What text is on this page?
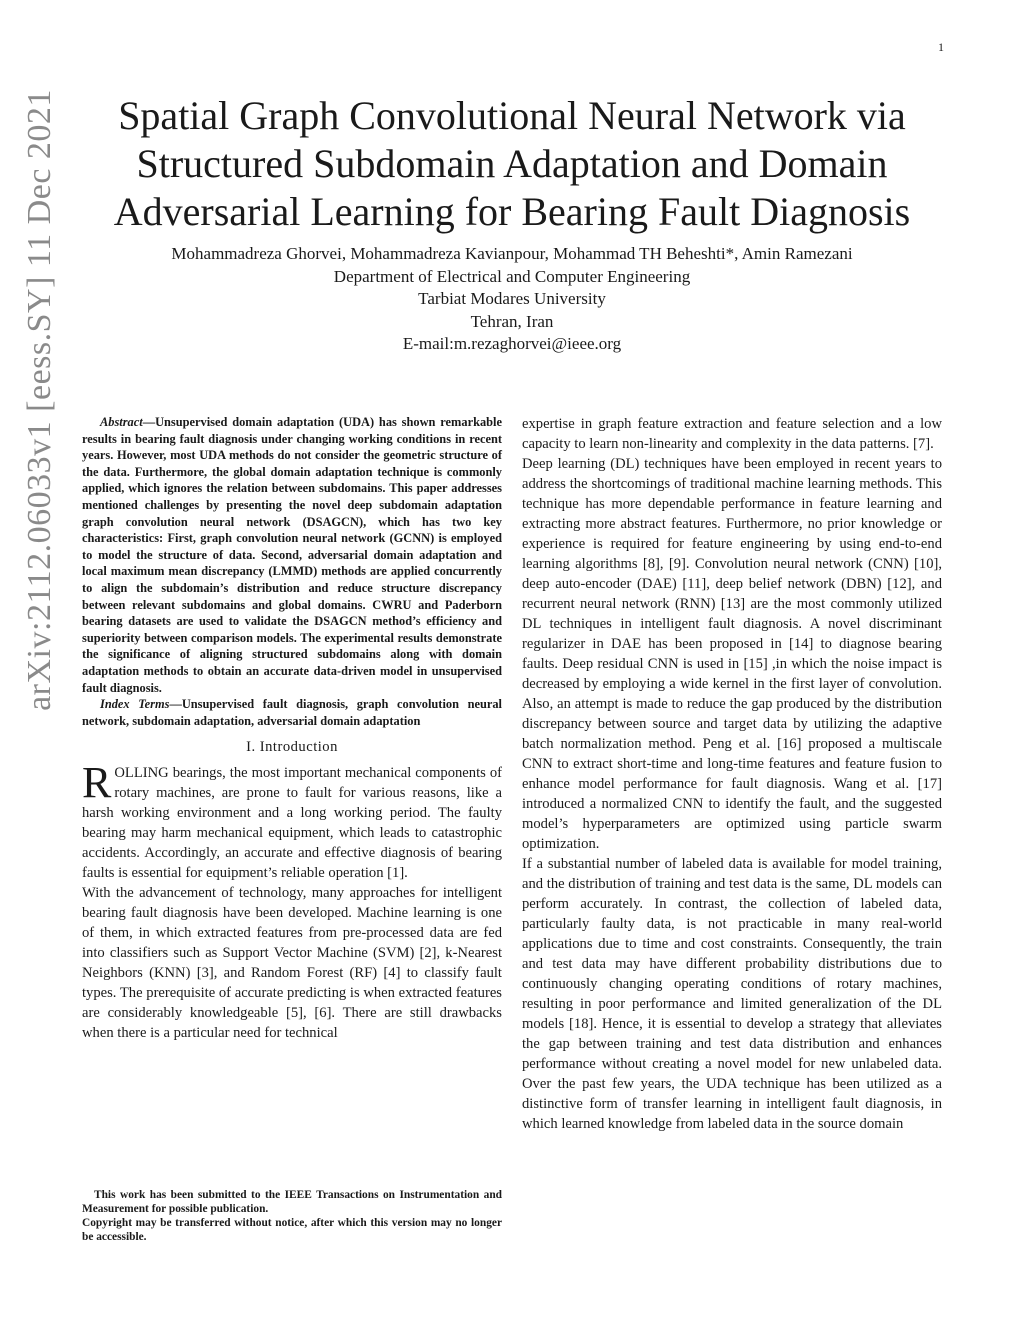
1
arXiv:2112.06033v1 [eess.SY] 11 Dec 2021	Spatial Graph Convolutional Neural Network via
Structured Subdomain Adaptation and Domain
Adversarial Learning for Bearing Fault Diagnosis
Mohammadreza Ghorvei, Mohammadreza Kavianpour, Mohammad TH Beheshti*, Amin Ramezani
Department of Electrical and Computer Engineering
Tarbiat Modares University
Tehran, Iran
E-mail:m.rezaghorvei@ieee.org

Abstract—Unsupervised domain adaptation (UDA) has shown remarkable results in bearing fault diagnosis under changing working conditions in recent years. However, most UDA methods do not consider the geometric structure of the data. Furthermore, the global domain adaptation technique is commonly applied, which ignores the relation between subdomains. This paper addresses mentioned challenges by presenting the novel deep subdomain adaptation graph convolution neural network (DSAGCN), which has two key characteristics: First, graph convolution neural network (GCNN) is employed to model the structure of data. Second, adversarial domain adaptation and local maximum mean discrepancy (LMMD) methods are applied concurrently to align the subdomain’s distribution and reduce structure discrepancy between relevant subdomains and global domains. CWRU and Paderborn bearing datasets are used to validate the DSAGCN method’s efficiency and superiority between comparison models. The experimental results demonstrate the significance of aligning structured subdomains along with domain adaptation methods to obtain an accurate data-driven model in unsupervised fault diagnosis.

Index Terms—Unsupervised fault diagnosis, graph convolution neural network, subdomain adaptation, adversarial domain adaptation

I. Introduction

ROLLING bearings, the most important mechanical components of rotary machines, are prone to fault for various reasons, like a harsh working environment and a long working period. The faulty bearing may harm mechanical equipment, which leads to catastrophic accidents. Accordingly, an accurate and effective diagnosis of bearing faults is essential for equipment’s reliable operation [1].

With the advancement of technology, many approaches for intelligent bearing fault diagnosis have been developed. Machine learning is one of them, in which extracted features from pre-processed data are fed into classifiers such as Support Vector Machine (SVM) [2], k-Nearest Neighbors (KNN) [3], and Random Forest (RF) [4] to classify fault types. The prerequisite of accurate predicting is when extracted features are considerably knowledgeable [5], [6]. There are still drawbacks when there is a particular need for technical

This work has been submitted to the IEEE Transactions on Instrumentation and Measurement for possible publication.
Copyright may be transferred without notice, after which this version may no longer be accessible.

expertise in graph feature extraction and feature selection and a low capacity to learn non-linearity and complexity in the data patterns. [7].

Deep learning (DL) techniques have been employed in recent years to address the shortcomings of traditional machine learning methods. This technique has more dependable performance in feature learning and extracting more abstract features. Furthermore, no prior knowledge or experience is required for feature engineering by using end-to-end learning algorithms [8], [9]. Convolution neural network (CNN) [10], deep auto-encoder (DAE) [11], deep belief network (DBN) [12], and recurrent neural network (RNN) [13] are the most commonly utilized DL techniques in intelligent fault diagnosis. A novel discriminant regularizer in DAE has been proposed in [14] to diagnose bearing faults. Deep residual CNN is used in [15] ,in which the noise impact is decreased by employing a wide kernel in the first layer of convolution. Also, an attempt is made to reduce the gap produced by the distribution discrepancy between source and target data by utilizing the adaptive batch normalization method. Peng et al. [16] proposed a multiscale CNN to extract short-time and long-time features and feature fusion to enhance model performance for fault diagnosis. Wang et al. [17] introduced a normalized CNN to identify the fault, and the suggested model’s hyperparameters are optimized using particle swarm optimization.

If a substantial number of labeled data is available for model training, and the distribution of training and test data is the same, DL models can perform accurately. In contrast, the collection of labeled data, particularly faulty data, is not practicable in many real-world applications due to time and cost constraints. Consequently, the train and test data may have different probability distributions due to continuously changing operating conditions of rotary machines, resulting in poor performance and limited generalization of the DL models [18]. Hence, it is essential to develop a strategy that alleviates the gap between training and test data distribution and enhances performance without creating a novel model for new unlabeled data. Over the past few years, the UDA technique has been utilized as a distinctive form of transfer learning in intelligent fault diagnosis, in which learned knowledge from labeled data in the source domain
